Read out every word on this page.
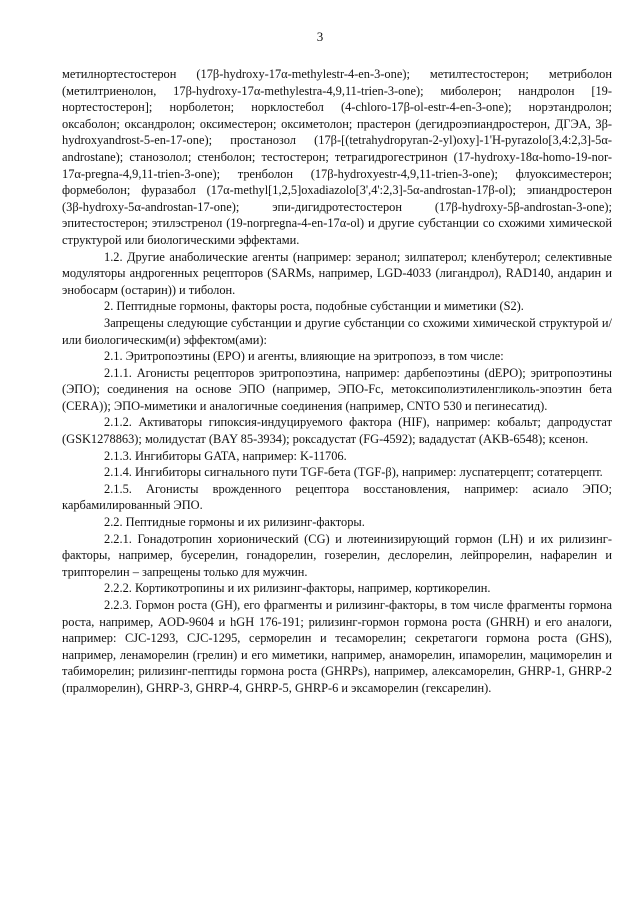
3

метилнортестостерон (17β-hydroxy-17α-methylestr-4-en-3-one); метилтестостерон; метриболон (метилтриенолон, 17β-hydroxy-17α-methylestra-4,9,11-trien-3-one); миболерон; нандролон [19-нортестостерон]; норболетон; норклостебол (4-chloro-17β-ol-estr-4-en-3-one); норэтандролон; оксаболон; оксандролон; оксиместерон; оксиметолон; прастерон (дегидроэпиандростерон, ДГЭА, 3β-hydroxyandrost-5-en-17-one); простанозол (17β-[(tetrahydropyran-2-yl)oxy]-1'H-pyrazolo[3,4:2,3]-5α-androstane); станозолол; стенболон; тестостерон; тетрагидрогестринон (17-hydroxy-18α-homo-19-nor-17α-pregna-4,9,11-trien-3-one); тренболон (17β-hydroxyestr-4,9,11-trien-3-one); флуоксиместерон; формеболон; фуразабол (17α-methyl[1,2,5]oxadiazolo[3',4':2,3]-5α-androstan-17β-ol); эпиандростерон (3β-hydroxy-5α-androstan-17-one); эпи-дигидротестостерон (17β-hydroxy-5β-androstan-3-one); эпитестостерон; этилэстренол (19-norpregna-4-en-17α-ol) и другие субстанции со схожими химической структурой или биологическими эффектами.

1.2. Другие анаболические агенты (например: зеранол; зилпатерол; кленбутерол; селективные модуляторы андрогенных рецепторов (SARMs, например, LGD-4033 (лигандрол), RAD140, андарин и энобосарм (остарин)) и тиболон.

2. Пептидные гормоны, факторы роста, подобные субстанции и миметики (S2).

Запрещены следующие субстанции и другие субстанции со схожими химической структурой и/или биологическим(и) эффектом(ами):

2.1. Эритропоэтины (ЕРО) и агенты, влияющие на эритропоэз, в том числе:

2.1.1. Агонисты рецепторов эритропоэтина, например: дарбепоэтины (dEPO); эритропоэтины (ЭПО); соединения на основе ЭПО (например, ЭПО-Fc, метоксиполиэтиленгликоль-эпоэтин бета (CERA)); ЭПО-миметики и аналогичные соединения (например, CNTO 530 и пегинесатид).

2.1.2. Активаторы гипоксия-индуцируемого фактора (HIF), например: кобальт; дапродустат (GSK1278863); молидустат (BAY 85-3934); роксадустат (FG-4592); вададустат (AKB-6548); ксенон.

2.1.3. Ингибиторы GATA, например: K-11706.

2.1.4. Ингибиторы сигнального пути TGF-бета (TGF-β), например: луспатерцепт; сотатерцепт.

2.1.5. Агонисты врожденного рецептора восстановления, например: асиало ЭПО; карбамилированный ЭПО.

2.2. Пептидные гормоны и их рилизинг-факторы.

2.2.1. Гонадотропин хорионический (CG) и лютеинизирующий гормон (LH) и их рилизинг-факторы, например, бусерелин, гонадорелин, гозерелин, деслорелин, лейпрорелин, нафарелин и трипторелин – запрещены только для мужчин.

2.2.2. Кортикотропины и их рилизинг-факторы, например, кортикорелин.

2.2.3. Гормон роста (GH), его фрагменты и рилизинг-факторы, в том числе фрагменты гормона роста, например, AOD-9604 и hGH 176-191; рилизинг-гормон гормона роста (GHRH) и его аналоги, например: CJC-1293, CJC-1295, серморелин и тесаморелин; секретагоги гормона роста (GHS), например, ленаморелин (грелин) и его миметики, например, анаморелин, ипаморелин, мациморелин и табиморелин; рилизинг-пептиды гормона роста (GHRPs), например, алексаморелин, GHRP-1, GHRP-2 (пралморелин), GHRP-3, GHRP-4, GHRP-5, GHRP-6 и эксаморелин (гексарелин).
